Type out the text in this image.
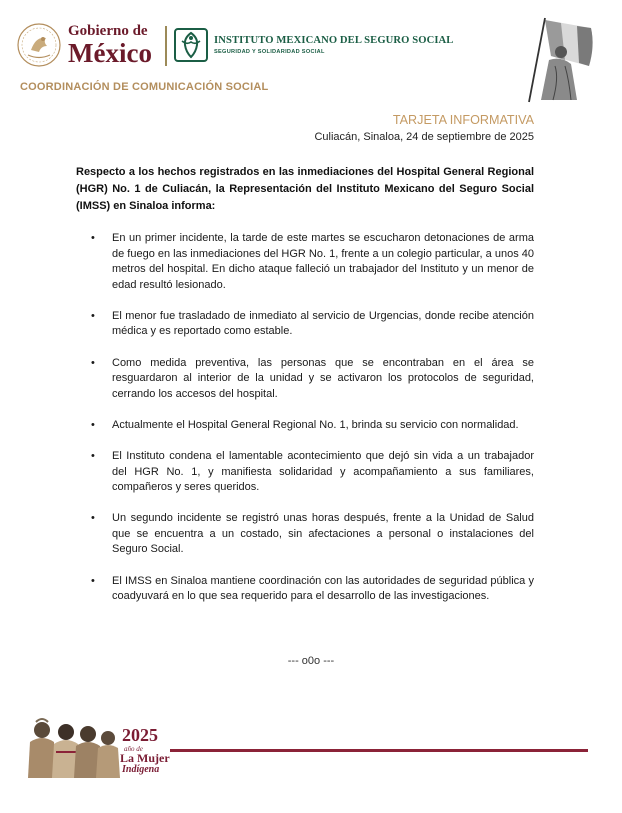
Gobierno de
México	INSTITUTO MEXICANO DEL SEGURO SOCIAL
SEGURIDAD Y SOLIDARIDAD SOCIAL
COORDINACIÓN DE COMUNICACIÓN SOCIAL
TARJETA INFORMATIVA
Culiacán, Sinaloa, 24 de septiembre de 2025
Respecto a los hechos registrados en las inmediaciones del Hospital General Regional (HGR) No. 1 de Culiacán, la Representación del Instituto Mexicano del Seguro Social (IMSS) en Sinaloa informa:
• En un primer incidente, la tarde de este martes se escucharon detonaciones de arma de fuego en las inmediaciones del HGR No. 1, frente a un colegio particular, a unos 40 metros del hospital. En dicho ataque falleció un trabajador del Instituto y un menor de edad resultó lesionado.
• El menor fue trasladado de inmediato al servicio de Urgencias, donde recibe atención médica y es reportado como estable.
• Como medida preventiva, las personas que se encontraban en el área se resguardaron al interior de la unidad y se activaron los protocolos de seguridad, cerrando los accesos del hospital.
• Actualmente el Hospital General Regional No. 1, brinda su servicio con normalidad.
• El Instituto condena el lamentable acontecimiento que dejó sin vida a un trabajador del HGR No. 1, y manifiesta solidaridad y acompañamiento a sus familiares, compañeros y seres queridos.
• Un segundo incidente se registró unas horas después, frente a la Unidad de Salud que se encuentra a un costado, sin afectaciones a personal o instalaciones del Seguro Social.
• El IMSS en Sinaloa mantiene coordinación con las autoridades de seguridad pública y coadyuvará en lo que sea requerido para el desarrollo de las investigaciones.
--- o0o ---
2025
año de
La Mujer
Indígena
